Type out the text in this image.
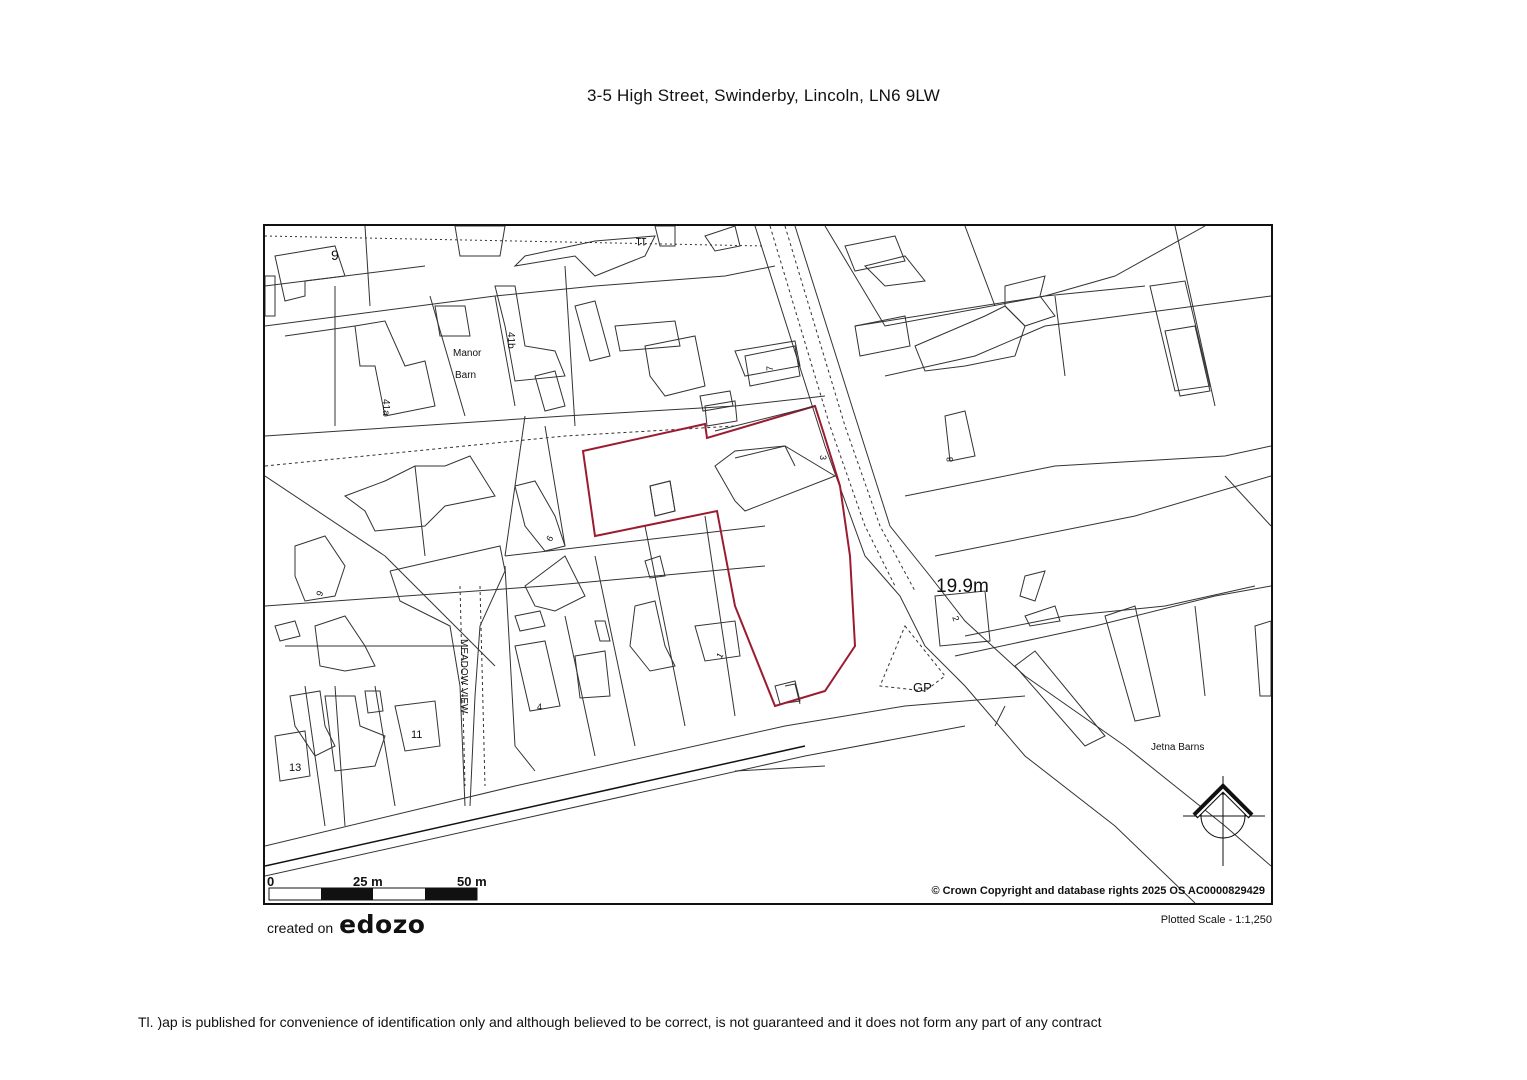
3-5 High Street, Swinderby, Lincoln, LN6 9LW
9
11
Manor
Barn
41a
41b
7
8
3
6
9
MEADOW VIEW	4
1
13
11
2
19.9m
GP
Jetna Barns
0	25 m	50 m
© Crown Copyright and database rights 2025 OS AC0000829429
created on edozo	Plotted Scale - 1:1,250
Tl. )ap is published for convenience of identification only and although believed to be correct, is not guaranteed and it does not form any part of any contract
